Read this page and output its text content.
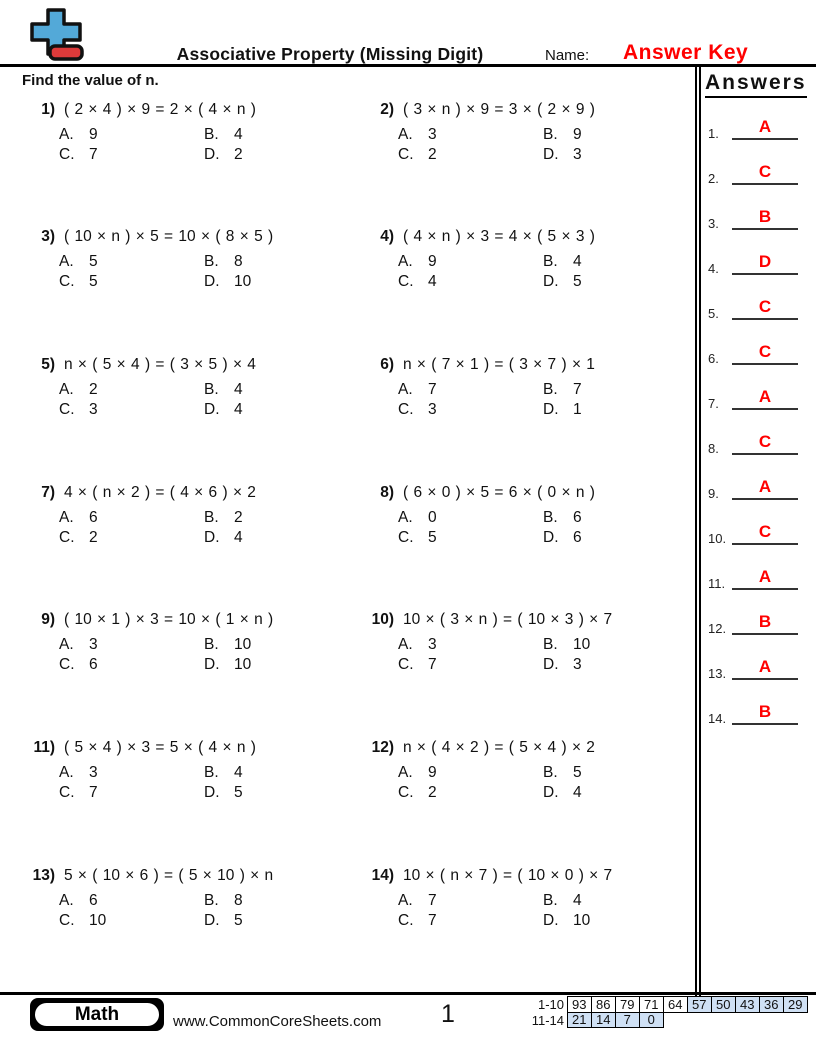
Associative Property (Missing Digit)	Name: Answer Key
Find the value of n.
1) ( 2 × 4 ) × 9 = 2 × ( 4 × n )
A. 9	B. 4
C. 7	D. 2
2) ( 3 × n ) × 9 = 3 × ( 2 × 9 )
A. 3	B. 9
C. 2	D. 3
3) ( 10 × n ) × 5 = 10 × ( 8 × 5 )
A. 5	B. 8
C. 5	D. 10
4) ( 4 × n ) × 3 = 4 × ( 5 × 3 )
A. 9	B. 4
C. 4	D. 5
5) n × ( 5 × 4 ) = ( 3 × 5 ) × 4
A. 2	B. 4
C. 3	D. 4
6) n × ( 7 × 1 ) = ( 3 × 7 ) × 1
A. 7	B. 7
C. 3	D. 1
7) 4 × ( n × 2 ) = ( 4 × 6 ) × 2
A. 6	B. 2
C. 2	D. 4
8) ( 6 × 0 ) × 5 = 6 × ( 0 × n )
A. 0	B. 6
C. 5	D. 6
9) ( 10 × 1 ) × 3 = 10 × ( 1 × n )
A. 3	B. 10
C. 6	D. 10
10) 10 × ( 3 × n ) = ( 10 × 3 ) × 7
A. 3	B. 10
C. 7	D. 3
11) ( 5 × 4 ) × 3 = 5 × ( 4 × n )
A. 3	B. 4
C. 7	D. 5
12) n × ( 4 × 2 ) = ( 5 × 4 ) × 2
A. 9	B. 5
C. 2	D. 4
13) 5 × ( 10 × 6 ) = ( 5 × 10 ) × n
A. 6	B. 8
C. 10	D. 5
14) 10 × ( n × 7 ) = ( 10 × 0 ) × 7
A. 7	B. 4
C. 7	D. 10
Answers
1.	A
2.	C
3.	B
4.	D
5.	C
6.	C
7.	A
8.	C
9.	A
10.	C
11.	A
12.	B
13.	A
14.	B
Math	www.CommonCoreSheets.com	1	1-10 93 86 79 71 64 57 50 43 36 29
11-14 21 14	7	0
